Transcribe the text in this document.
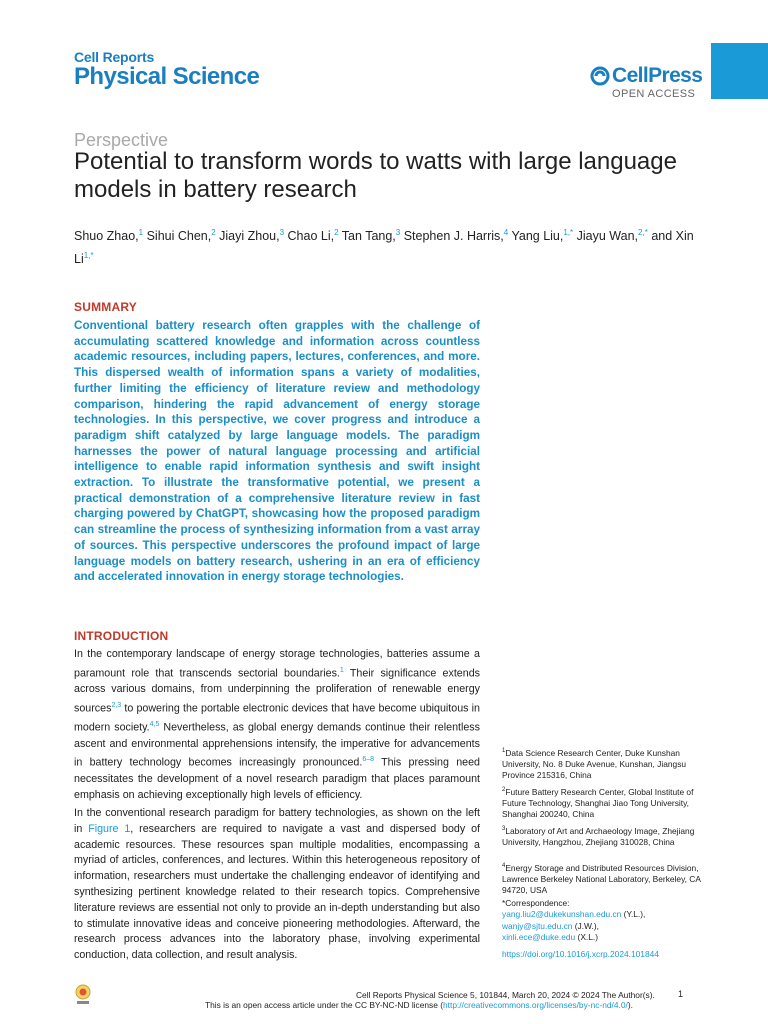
Cell Reports
Physical Science	CellPress
OPEN ACCESS
Perspective
Potential to transform words to watts with large language models in battery research
Shuo Zhao,$^1$ Sihui Chen,$^2$ Jiayi Zhou,$^3$ Chao Li,$^2$ Tan Tang,$^3$ Stephen J. Harris,$^4$ Yang Liu,$^{1,*}$ Jiayu Wan,$^{2,*}$ and Xin $Li^{1,*}$
SUMMARY

Conventional battery research often grapples with the challenge of accumulating scattered knowledge and information across countless academic resources, including papers, lectures, conferences, and more. This dispersed wealth of information spans a variety of modalities, further limiting the efficiency of literature review and methodology comparison, hindering the rapid advancement of energy storage technologies. In this perspective, we cover progress and introduce a paradigm shift catalyzed by large language models. The paradigm harnesses the power of natural language processing and artificial intelligence to enable rapid information synthesis and swift insight extraction. To illustrate the transformative potential, we present a practical demonstration of a comprehensive literature review in fast charging powered by ChatGPT, showcasing how the proposed paradigm can streamline the process of synthesizing information from a vast array of sources. This perspective underscores the profound impact of large language models on battery research, ushering in an era of efficiency and accelerated innovation in energy storage technologies.

INTRODUCTION

In the contemporary landscape of energy storage technologies, batteries assume a paramount role that transcends sectorial boundaries.$^1$ Their significance extends across various domains, from underpinning the proliferation of renewable energy sources$^{2,3}$ to powering the portable electronic devices that have become ubiquitous in modern society.$^{4,5}$ Nevertheless, as global energy demands continue their relentless ascent and environmental apprehensions intensify, the imperative for advancements in battery technology becomes increasingly pronounced.$^{6-8}$ This pressing need necessitates the development of a novel research paradigm that places paramount emphasis on achieving exceptionally high levels of efficiency.

In the conventional research paradigm for battery technologies, as shown on the left in Figure 1, researchers are required to navigate a vast and dispersed body of academic resources. These resources span multiple modalities, encompassing a myriad of articles, conferences, and lectures. Within this heterogeneous repository of information, researchers must undertake the challenging endeavor of identifying and synthesizing pertinent knowledge related to their research topics. Comprehensive literature reviews are essential not only to provide an in-depth understanding but also to stimulate innovative ideas and conceive pioneering methodologies. Afterward, the research process advances into the laboratory phase, involving experimental conduction, data collection, and result analysis.

$^1$Data Science Research Center, Duke Kunshan University, No. 8 Duke Avenue, Kunshan, Jiangsu Province 215316, China
$^2$Future Battery Research Center, Global Institute of Future Technology, Shanghai Jiao Tong University, Shanghai 200240, China
$^3$Laboratory of Art and Archaeology Image, Zhejiang University, Hangzhou, Zhejiang 310028, China
$^4$Energy Storage and Distributed Resources Division, Lawrence Berkeley National Laboratory, Berkeley, CA 94720, USA
*Correspondence:
yang.liu2@dukekunshan.edu.cn (Y.L.),
wanjy@sjtu.edu.cn (J.W.),
xinli.ece@duke.edu (X.L.)
https://doi.org/10.1016/j.xcrp.2024.101844
Cell Reports Physical Science 5, 101844, March 20, 2024 © 2024 The Author(s).	1
This is an open access article under the CC BY-NC-ND license (http://creativecommons.org/licenses/by-nc-nd/4.0/).
